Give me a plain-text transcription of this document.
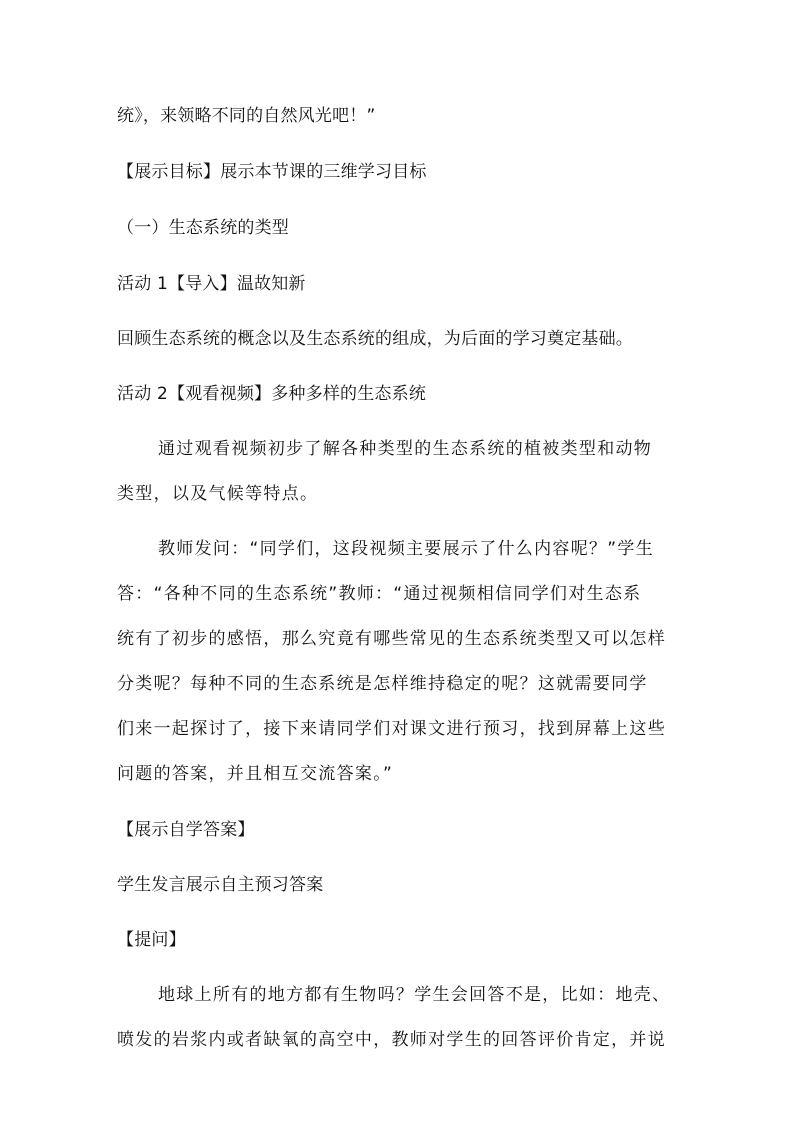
统》，来领略不同的自然风光吧！”
【展示目标】展示本节课的三维学习目标
（一）生态系统的类型
活动 1【导入】温故知新
回顾生态系统的概念以及生态系统的组成，为后面的学习奠定基础。
活动 2【观看视频】多种多样的生态系统
通过观看视频初步了解各种类型的生态系统的植被类型和动物
类型，以及气候等特点。
教师发问：“同学们，这段视频主要展示了什么内容呢？”学生
答：“各种不同的生态系统”教师：“通过视频相信同学们对生态系
统有了初步的感悟，那么究竟有哪些常见的生态系统类型又可以怎样
分类呢？每种不同的生态系统是怎样维持稳定的呢？这就需要同学
们来一起探讨了，接下来请同学们对课文进行预习，找到屏幕上这些
问题的答案，并且相互交流答案。”
【展示自学答案】
学生发言展示自主预习答案
【提问】
地球上所有的地方都有生物吗？学生会回答不是，比如：地壳、
喷发的岩浆内或者缺氧的高空中，教师对学生的回答评价肯定，并说
